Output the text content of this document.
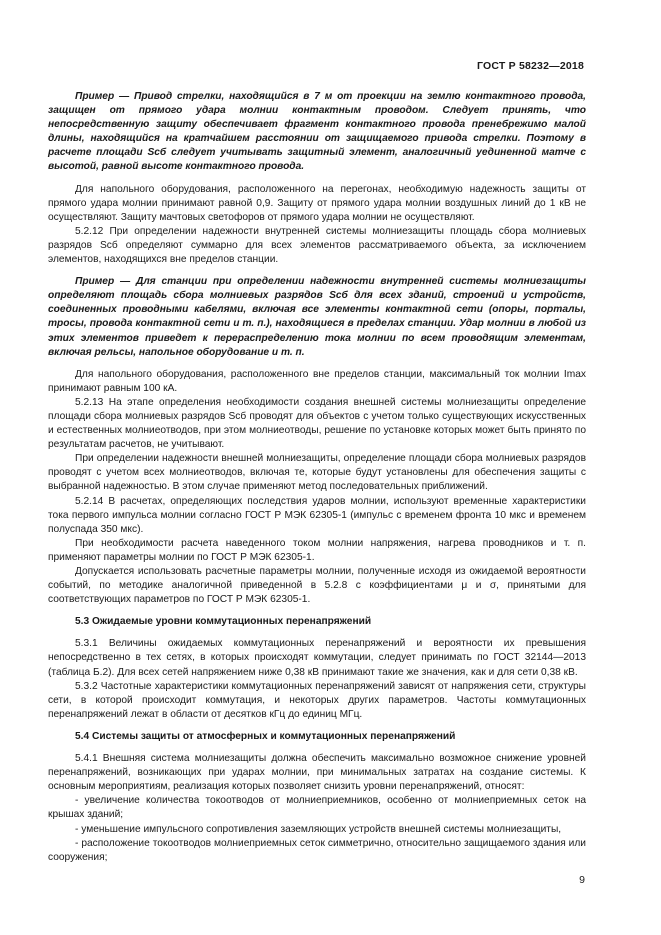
ГОСТ Р 58232—2018

Пример — Привод стрелки, находящийся в 7 м от проекции на землю контактного провода, защищен от прямого удара молнии контактным проводом. Следует принять, что непосредственную защиту обеспечивает фрагмент контактного провода пренебрежимо малой длины, находящийся на кратчайшем расстоянии от защищаемого привода стрелки. Поэтому в расчете площади Sсб следует учитывать защитный элемент, аналогичный уединенной матче с высотой, равной высоте контактного провода.

Для напольного оборудования, расположенного на перегонах, необходимую надежность защиты от прямого удара молнии принимают равной 0,9. Защиту от прямого удара молнии воздушных линий до 1 кВ не осуществляют. Защиту мачтовых светофоров от прямого удара молнии не осуществляют.

5.2.12 При определении надежности внутренней системы молниезащиты площадь сбора молниевых разрядов Sсб определяют суммарно для всех элементов рассматриваемого объекта, за исключением элементов, находящихся вне пределов станции.

Пример — Для станции при определении надежности внутренней системы молниезащиты определяют площадь сбора молниевых разрядов Sсб для всех зданий, строений и устройств, соединенных проводными кабелями, включая все элементы контактной сети (опоры, порталы, тросы, провода контактной сети и т. п.), находящиеся в пределах станции. Удар молнии в любой из этих элементов приведет к перераспределению тока молнии по всем проводящим элементам, включая рельсы, напольное оборудование и т. п.

Для напольного оборудования, расположенного вне пределов станции, максимальный ток молнии Imax принимают равным 100 кА.

5.2.13 На этапе определения необходимости создания внешней системы молниезащиты определение площади сбора молниевых разрядов Sсб проводят для объектов с учетом только существующих искусственных и естественных молниеотводов, при этом молниеотводы, решение по установке которых может быть принято по результатам расчетов, не учитывают.

При определении надежности внешней молниезащиты, определение площади сбора молниевых разрядов проводят с учетом всех молниеотводов, включая те, которые будут установлены для обеспечения защиты с выбранной надежностью. В этом случае применяют метод последовательных приближений.

5.2.14 В расчетах, определяющих последствия ударов молнии, используют временные характеристики тока первого импульса молнии согласно ГОСТ Р МЭК 62305-1 (импульс с временем фронта 10 мкс и временем полуспада 350 мкс).

При необходимости расчета наведенного током молнии напряжения, нагрева проводников и т. п. применяют параметры молнии по ГОСТ Р МЭК 62305-1.

Допускается использовать расчетные параметры молнии, полученные исходя из ожидаемой вероятности событий, по методике аналогичной приведенной в 5.2.8 с коэффициентами μ и σ, принятыми для соответствующих параметров по ГОСТ Р МЭК 62305-1.

5.3 Ожидаемые уровни коммутационных перенапряжений

5.3.1 Величины ожидаемых коммутационных перенапряжений и вероятности их превышения непосредственно в тех сетях, в которых происходят коммутации, следует принимать по ГОСТ 32144—2013 (таблица Б.2). Для всех сетей напряжением ниже 0,38 кВ принимают такие же значения, как и для сети 0,38 кВ.

5.3.2 Частотные характеристики коммутационных перенапряжений зависят от напряжения сети, структуры сети, в которой происходит коммутация, и некоторых других параметров. Частоты коммутационных перенапряжений лежат в области от десятков кГц до единиц МГц.

5.4 Системы защиты от атмосферных и коммутационных перенапряжений

5.4.1 Внешняя система молниезащиты должна обеспечить максимально возможное снижение уровней перенапряжений, возникающих при ударах молнии, при минимальных затратах на создание системы. К основным мероприятиям, реализация которых позволяет снизить уровни перенапряжений, относят:

- увеличение количества токоотводов от молниеприемников, особенно от молниеприемных сеток на крышах зданий;

- уменьшение импульсного сопротивления заземляющих устройств внешней системы молниезащиты,

- расположение токоотводов молниеприемных сеток симметрично, относительно защищаемого здания или сооружения;

9
